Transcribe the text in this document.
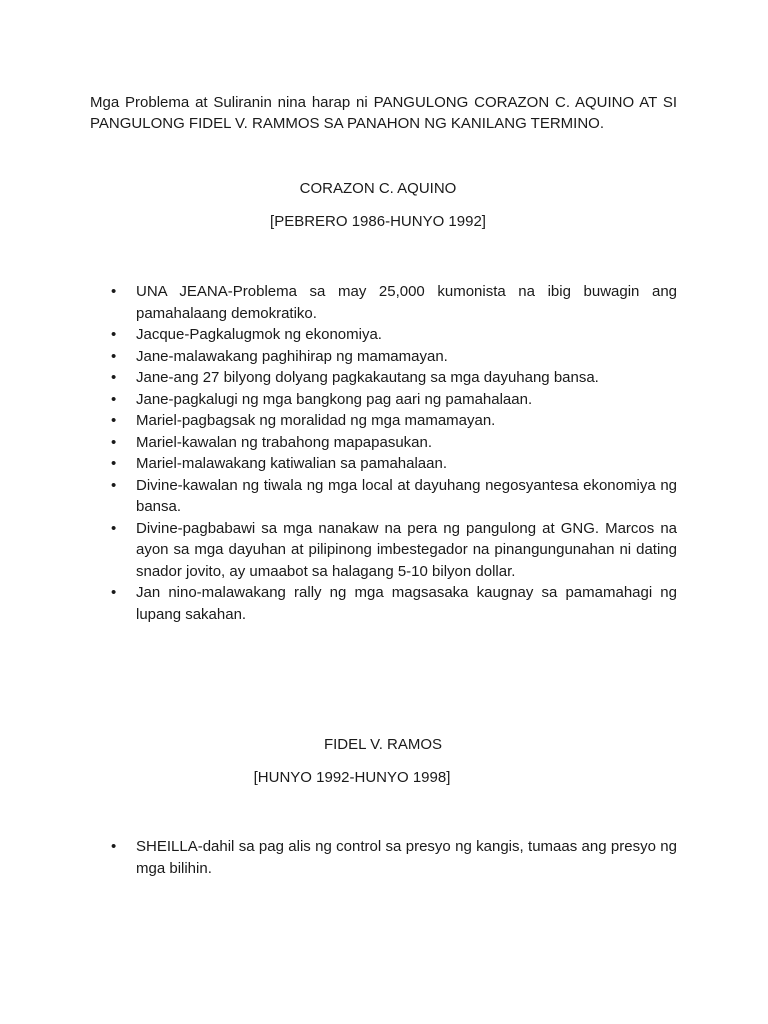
Mga Problema at Suliranin nina harap ni PANGULONG CORAZON C. AQUINO AT SI PANGULONG FIDEL V. RAMMOS SA PANAHON NG KANILANG TERMINO.

CORAZON C. AQUINO

[PEBRERO 1986-HUNYO 1992]

• UNA JEANA-Problema sa may 25,000 kumonista na ibig buwagin ang pamahalaang demokratiko.
• Jacque-Pagkalugmok ng ekonomiya.
• Jane-malawakang paghihirap ng mamamayan.
• Jane-ang 27 bilyong dolyang pagkakautang sa mga dayuhang bansa.
• Jane-pagkalugi ng mga bangkong pag aari ng pamahalaan.
• Mariel-pagbagsak ng moralidad ng mga mamamayan.
• Mariel-kawalan ng trabahong mapapasukan.
• Mariel-malawakang katiwalian sa pamahalaan.
• Divine-kawalan ng tiwala ng mga local at dayuhang negosyantesa ekonomiya ng bansa.
• Divine-pagbabawi sa mga nanakaw na pera ng pangulong at GNG. Marcos na ayon sa mga dayuhan at pilipinong imbestegador na pinangungunahan ni dating snador jovito, ay umaabot sa halagang 5-10 bilyon dollar.
• Jan nino-malawakang rally ng mga magsasaka kaugnay sa pamamahagi ng lupang sakahan.

FIDEL V. RAMOS

[HUNYO 1992-HUNYO 1998]

• SHEILLA-dahil sa pag alis ng control sa presyo ng kangis, tumaas ang presyo ng mga bilihin.
